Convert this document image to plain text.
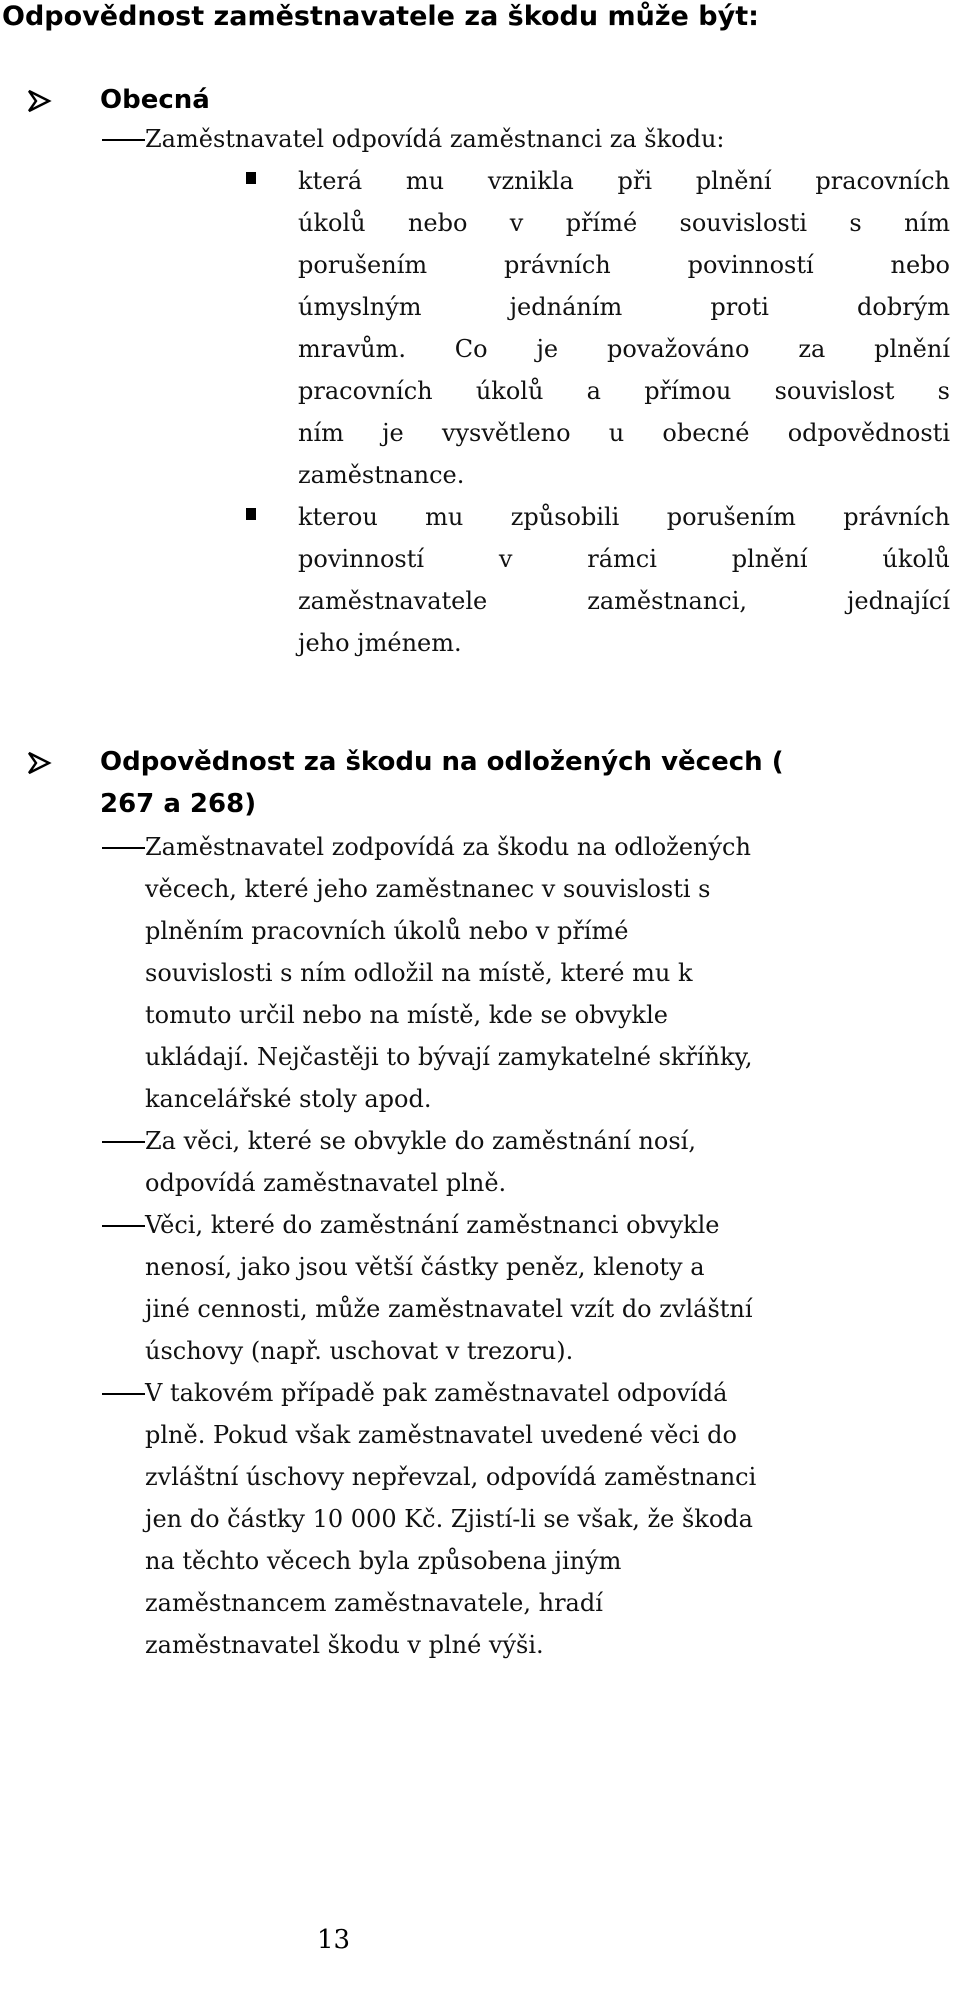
Odpovědnost zaměstnavatele za škodu může být:
Obecná
Zaměstnavatel odpovídá zaměstnanci za škodu:
která mu vznikla při plnění pracovních
úkolů nebo v přímé souvislosti s ním
porušením právních povinností nebo
úmyslným jednáním proti dobrým
mravům. Co je považováno za plnění
pracovních úkolů a přímou souvislost s
ním je vysvětleno u obecné odpovědnosti
zaměstnance.
kterou mu způsobili porušením právních
povinností v rámci plnění úkolů
zaměstnavatele zaměstnanci, jednající
jeho jménem.
Odpovědnost za škodu na odložených věcech (
267 a 268)
Zaměstnavatel zodpovídá za škodu na odložených
věcech, které jeho zaměstnanec v souvislosti s
plněním pracovních úkolů nebo v přímé
souvislosti s ním odložil na místě, které mu k
tomuto určil nebo na místě, kde se obvykle
ukládají. Nejčastěji to bývají zamykatelné skříňky,
kancelářské stoly apod.
Za věci, které se obvykle do zaměstnání nosí,
odpovídá zaměstnavatel plně.
Věci, které do zaměstnání zaměstnanci obvykle
nenosí, jako jsou větší částky peněz, klenoty a
jiné cennosti, může zaměstnavatel vzít do zvláštní
úschovy (např. uschovat v trezoru).
V takovém případě pak zaměstnavatel odpovídá
plně. Pokud však zaměstnavatel uvedené věci do
zvláštní úschovy nepřevzal, odpovídá zaměstnanci
jen do částky 10 000 Kč. Zjistí-li se však, že škoda
na těchto věcech byla způsobena jiným
zaměstnancem zaměstnavatele, hradí
zaměstnavatel škodu v plné výši.
13
